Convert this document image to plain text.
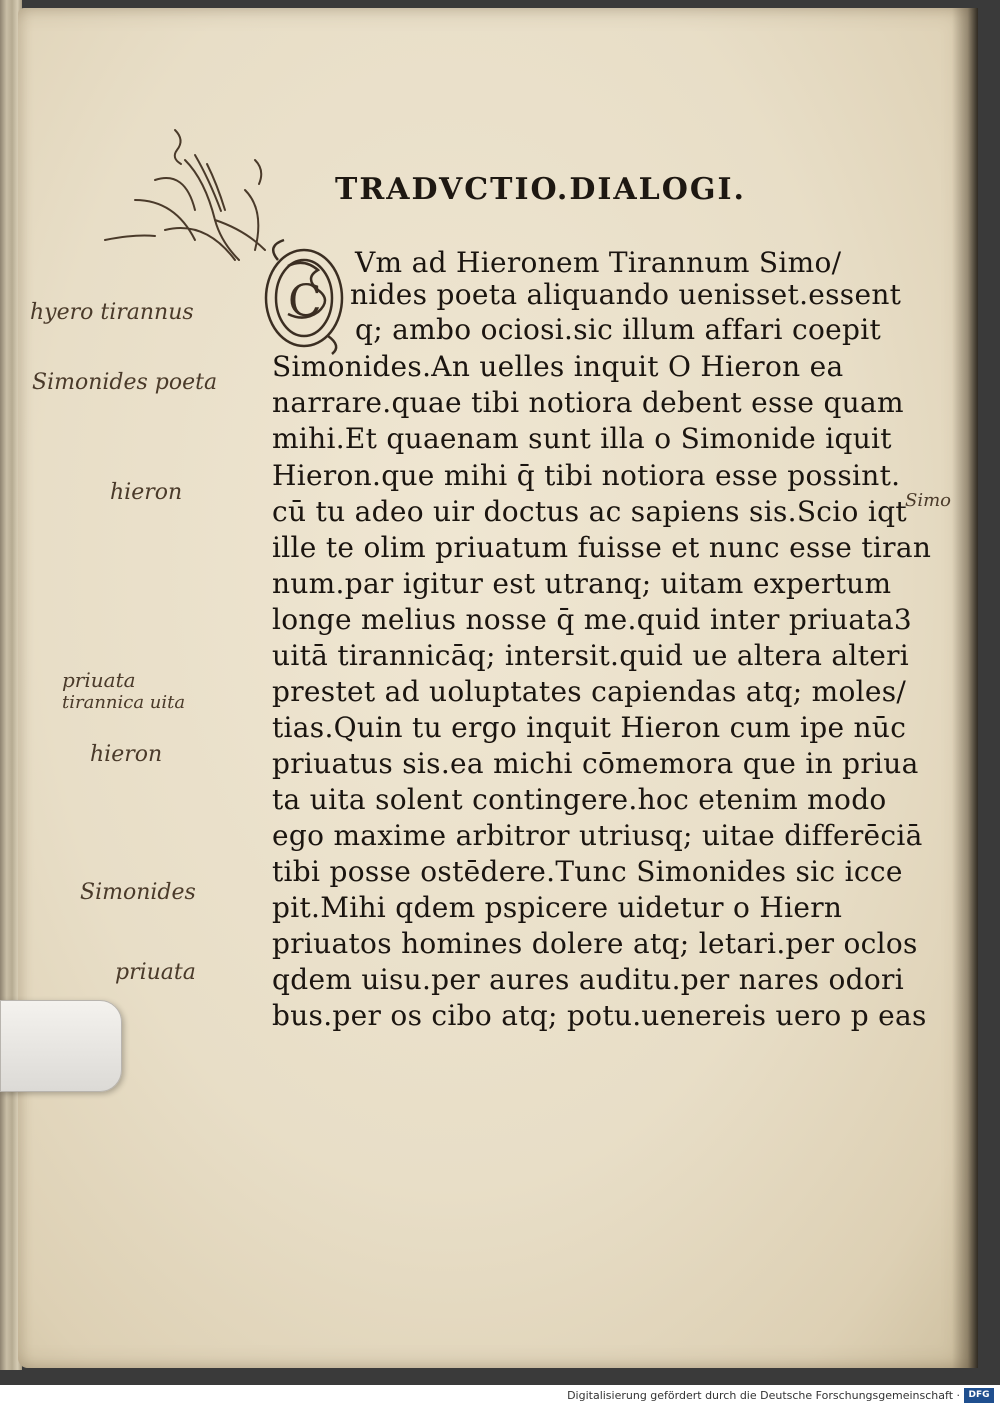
TRADVCTIO.DIALOGI.
C
Vm ad Hieronem Tirannum Simo/
nides poeta aliquando uenisset.essent
q; ambo ociosi.sic illum affari coepit
Simonides.An uelles inquit O Hieron ea
narrare.quae tibi notiora debent esse quam
mihi.Et quaenam sunt illa o Simonide iquit
Hieron.que mihi q̄ tibi notiora esse possint.
cū tu adeo uir doctus ac sapiens sis.Scio iqt
ille te olim priuatum fuisse et nunc esse tiran
num.par igitur est utranq; uitam expertum
longe melius nosse q̄ me.quid inter priuata3
uitā tirannicāq; intersit.quid ue altera alteri
prestet ad uoluptates capiendas atq; moles/
tias.Quin tu ergo inquit Hieron cum ipe nūc
priuatus sis.ea michi cōmemora que in priua
ta uita solent contingere.hoc etenim modo
ego maxime arbitror utriusq; uitae differēciā
tibi posse ostēdere.Tunc Simonides sic icce
pit.Mihi qdem pspicere uidetur o Hiern
priuatos homines dolere atq; letari.per oclos
qdem uisu.per aures auditu.per nares odori
bus.per os cibo atq; potu.uenereis uero p eas
hyero tirannus
Simonides poeta
hieron
priuata
tirannica uita
hieron
Simonides
priuata
Simo
Digitalisierung gefördert durch die Deutsche Forschungsgemeinschaft · DFG
